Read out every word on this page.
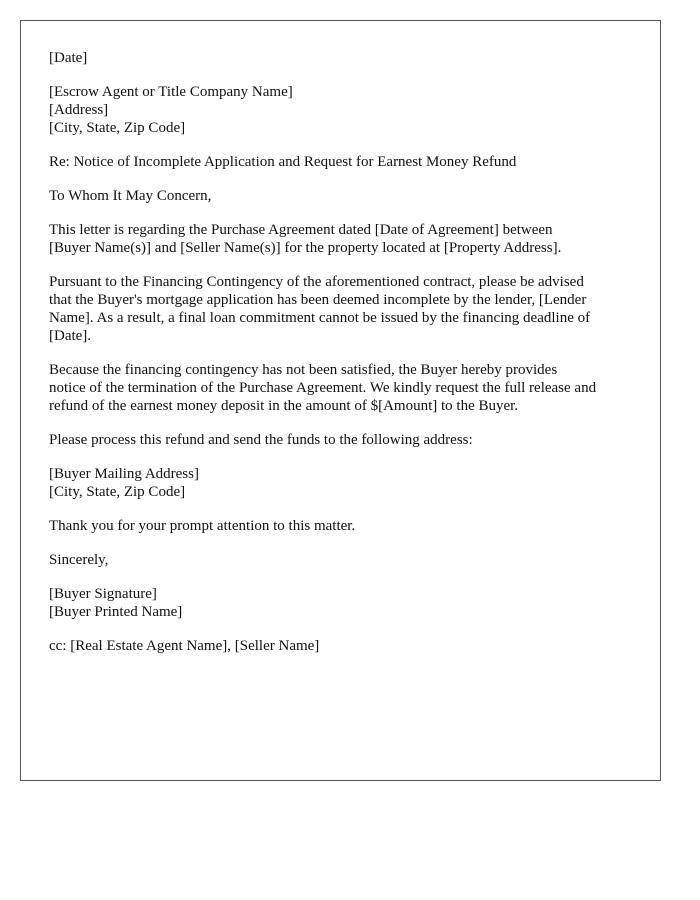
[Date]

[Escrow Agent or Title Company Name]
[Address]
[City, State, Zip Code]

Re: Notice of Incomplete Application and Request for Earnest Money Refund

To Whom It May Concern,

This letter is regarding the Purchase Agreement dated [Date of Agreement] between
[Buyer Name(s)] and [Seller Name(s)] for the property located at [Property Address].

Pursuant to the Financing Contingency of the aforementioned contract, please be advised
that the Buyer's mortgage application has been deemed incomplete by the lender, [Lender
Name]. As a result, a final loan commitment cannot be issued by the financing deadline of
[Date].

Because the financing contingency has not been satisfied, the Buyer hereby provides
notice of the termination of the Purchase Agreement. We kindly request the full release and
refund of the earnest money deposit in the amount of $[Amount] to the Buyer.

Please process this refund and send the funds to the following address:

[Buyer Mailing Address]
[City, State, Zip Code]

Thank you for your prompt attention to this matter.

Sincerely,

[Buyer Signature]
[Buyer Printed Name]

cc: [Real Estate Agent Name], [Seller Name]
